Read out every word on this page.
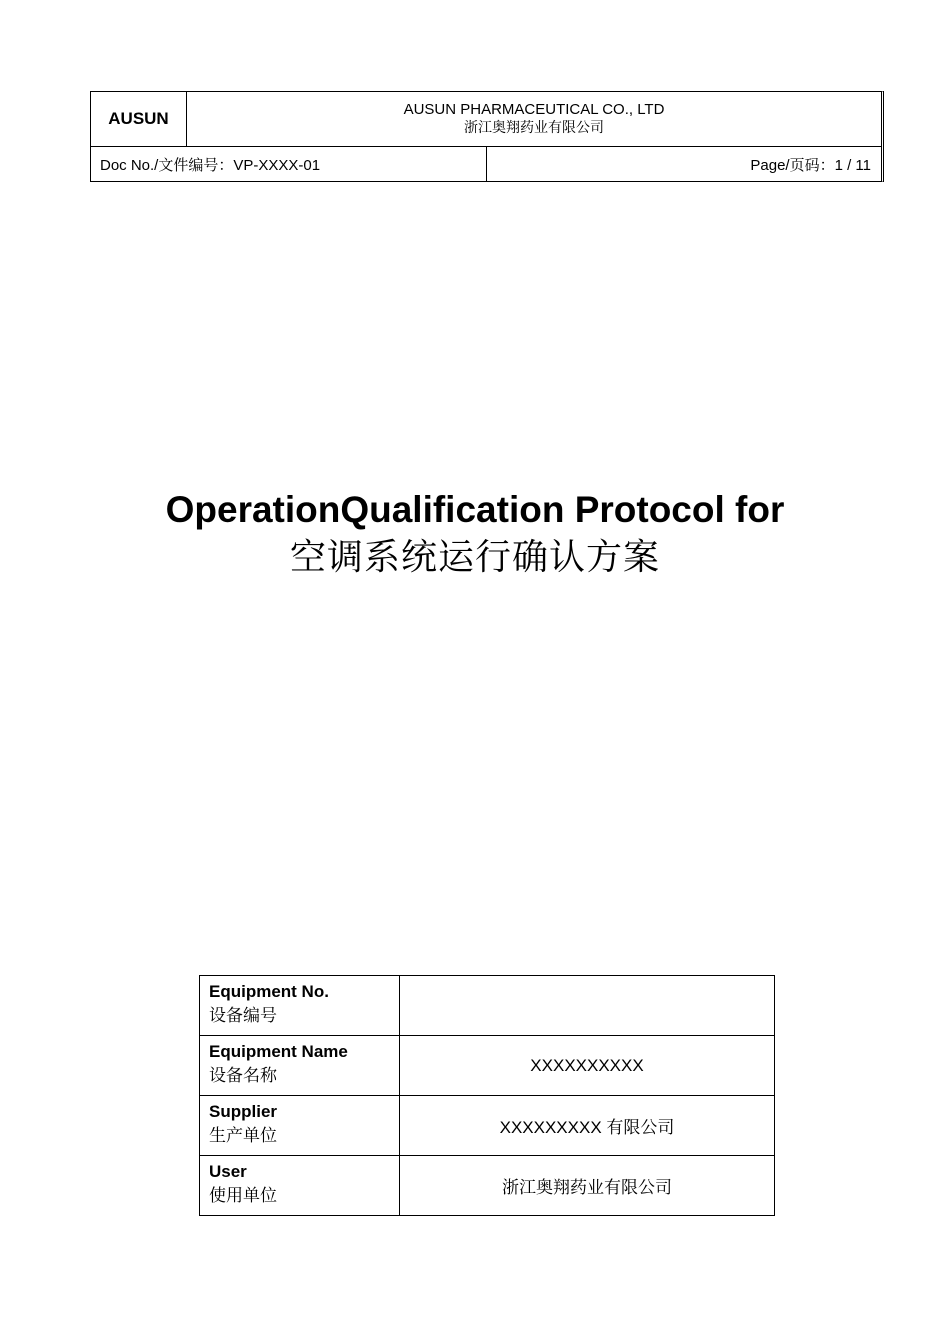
AUSUN	AUSUN PHARMACEUTICAL CO., LTD
浙江奥翔药业有限公司
Doc No./文件编号：VP-XXXX-01	Page/页码：1 / 11
OperationQualification Protocol for
空调系统运行确认方案
Equipment No.
设备编号	

Equipment Name
设备名称	XXXXXXXXXX

Supplier
生产单位	XXXXXXXXX 有限公司

User
使用单位	浙江奥翔药业有限公司
